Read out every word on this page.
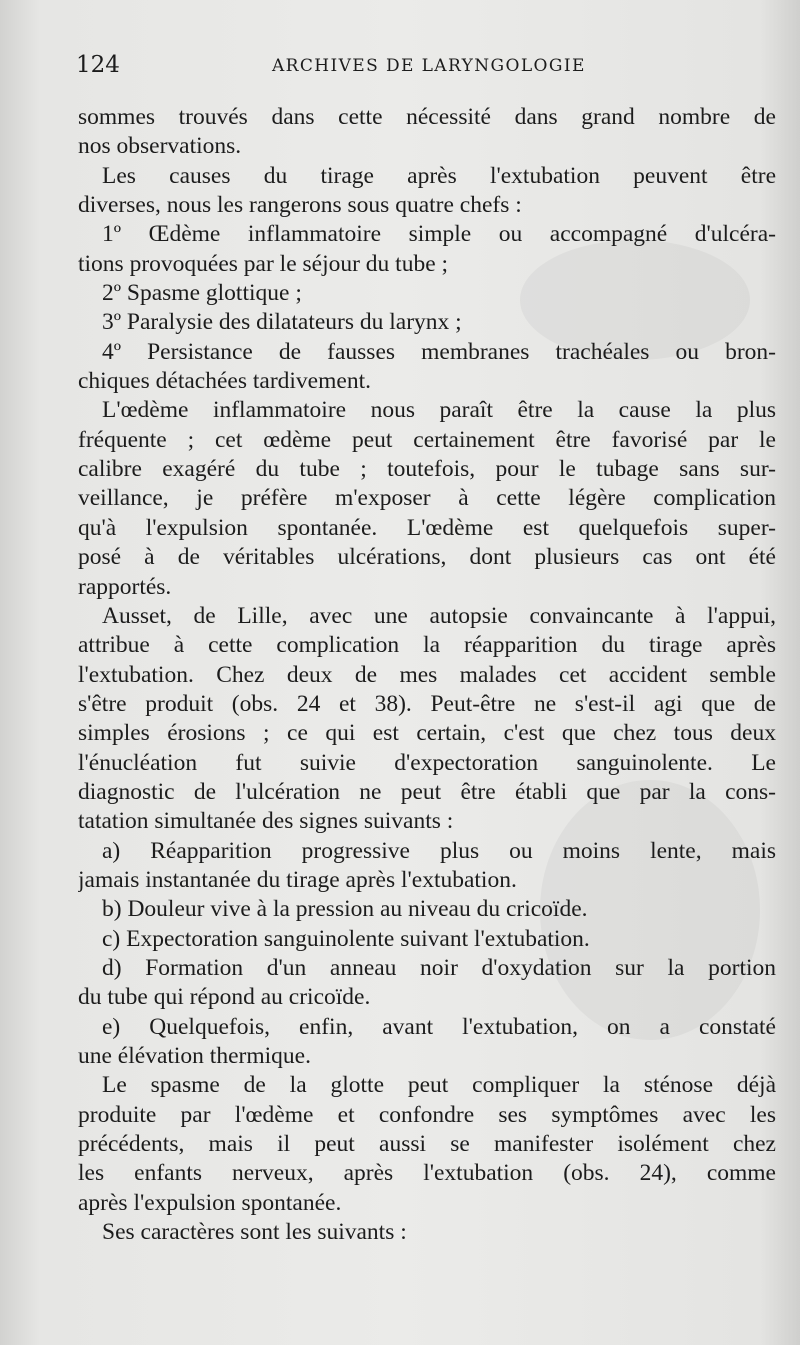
124	ARCHIVES DE LARYNGOLOGIE
sommes trouvés dans cette nécessité dans grand nombre de
nos observations.
Les causes du tirage après l'extubation peuvent être
diverses, nous les rangerons sous quatre chefs :
1º Œdème inflammatoire simple ou accompagné d'ulcéra-
tions provoquées par le séjour du tube ;
2º Spasme glottique ;
3º Paralysie des dilatateurs du larynx ;
4º Persistance de fausses membranes trachéales ou bron-
chiques détachées tardivement.
L'œdème inflammatoire nous paraît être la cause la plus
fréquente ; cet œdème peut certainement être favorisé par le
calibre exagéré du tube ; toutefois, pour le tubage sans sur-
veillance, je préfère m'exposer à cette légère complication
qu'à l'expulsion spontanée. L'œdème est quelquefois super-
posé à de véritables ulcérations, dont plusieurs cas ont été
rapportés.
Ausset, de Lille, avec une autopsie convaincante à l'appui,
attribue à cette complication la réapparition du tirage après
l'extubation. Chez deux de mes malades cet accident semble
s'être produit (obs. 24 et 38). Peut-être ne s'est-il agi que de
simples érosions ; ce qui est certain, c'est que chez tous deux
l'énucléation fut suivie d'expectoration sanguinolente. Le
diagnostic de l'ulcération ne peut être établi que par la cons-
tatation simultanée des signes suivants :
a) Réapparition progressive plus ou moins lente, mais
jamais instantanée du tirage après l'extubation.
b) Douleur vive à la pression au niveau du cricoïde.
c) Expectoration sanguinolente suivant l'extubation.
d) Formation d'un anneau noir d'oxydation sur la portion
du tube qui répond au cricoïde.
e) Quelquefois, enfin, avant l'extubation, on a constaté
une élévation thermique.
Le spasme de la glotte peut compliquer la sténose déjà
produite par l'œdème et confondre ses symptômes avec les
précédents, mais il peut aussi se manifester isolément chez
les enfants nerveux, après l'extubation (obs. 24), comme
après l'expulsion spontanée.
Ses caractères sont les suivants :
